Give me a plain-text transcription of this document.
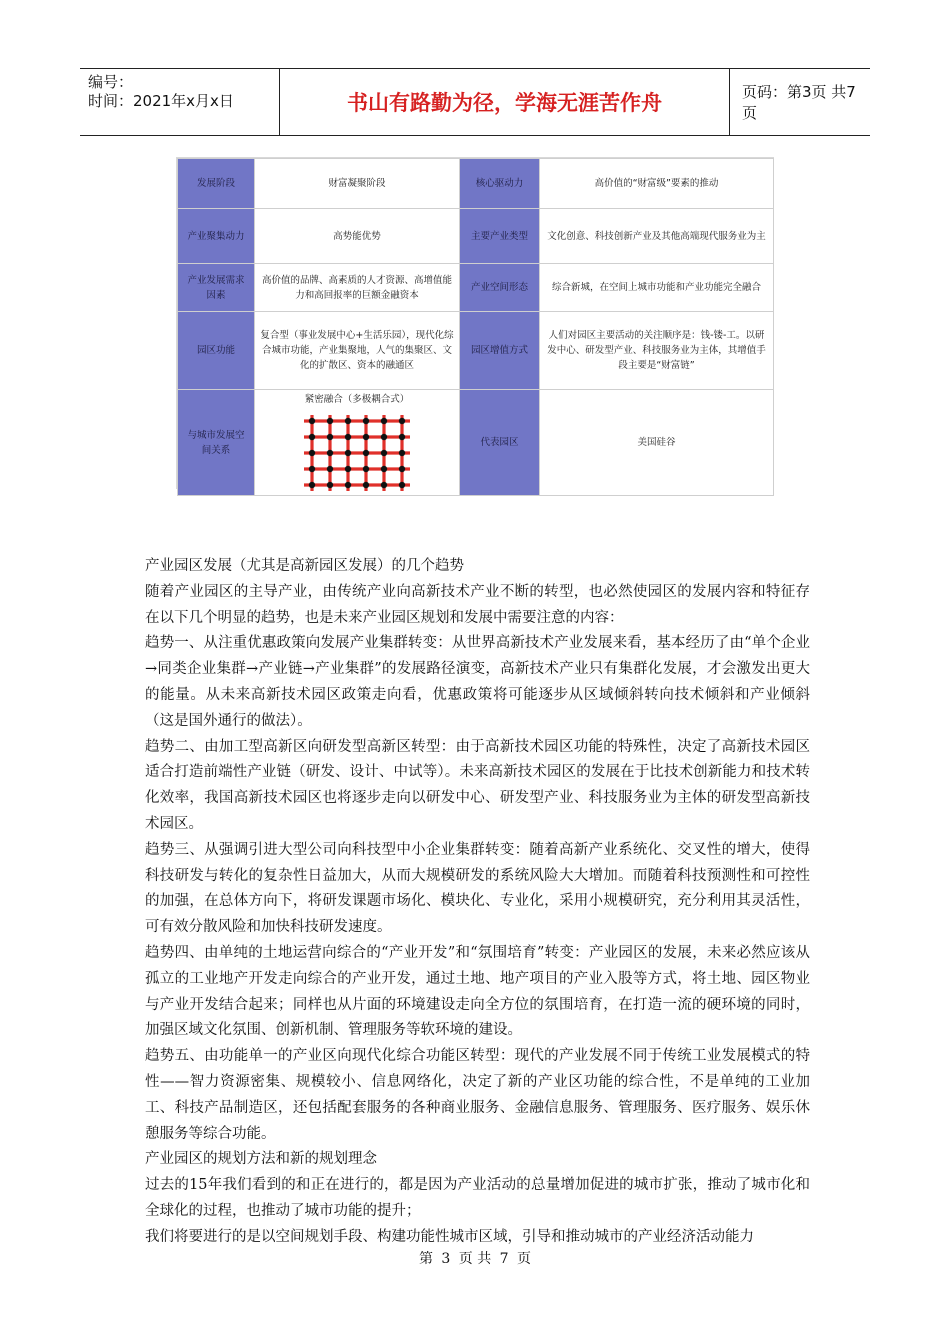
编号：
时间：2021年x月x日	书山有路勤为径，学海无涯苦作舟	页码：第3页 共7页
发展阶段	财富凝聚阶段	核心驱动力	高价值的“财富级”要素的推动
产业聚集动力	高势能优势	主要产业类型	文化创意、科技创新产业及其他高端现代服务业为主
产业发展需求因素	高价值的品牌、高素质的人才资源、高增值能力和高回报率的巨额金融资本	产业空间形态	综合新城，在空间上城市功能和产业功能完全融合
园区功能	复合型（事业发展中心+生活乐园），现代化综合城市功能，产业集聚地，人气的集聚区、文化的扩散区、资本的融通区	园区增值方式	人们对园区主要活动的关注顺序是：钱-镂-工。以研发中心、研发型产业、科技服务业为主体，其增值手段主要是“财富链”
与城市发展空间关系	紧密融合（多极耦合式）	代表园区	美国硅谷

产业园区发展（尤其是高新园区发展）的几个趋势

随着产业园区的主导产业，由传统产业向高新技术产业不断的转型，也必然使园区的发展内容和特征存在以下几个明显的趋势，也是未来产业园区规划和发展中需要注意的内容：

趋势一、从注重优惠政策向发展产业集群转变：从世界高新技术产业发展来看，基本经历了由“单个企业→同类企业集群→产业链→产业集群”的发展路径演变，高新技术产业只有集群化发展，才会激发出更大的能量。从未来高新技术园区政策走向看，优惠政策将可能逐步从区域倾斜转向技术倾斜和产业倾斜（这是国外通行的做法）。

趋势二、由加工型高新区向研发型高新区转型：由于高新技术园区功能的特殊性，决定了高新技术园区适合打造前端性产业链（研发、设计、中试等）。未来高新技术园区的发展在于比技术创新能力和技术转化效率，我国高新技术园区也将逐步走向以研发中心、研发型产业、科技服务业为主体的研发型高新技术园区。

趋势三、从强调引进大型公司向科技型中小企业集群转变：随着高新产业系统化、交叉性的增大，使得科技研发与转化的复杂性日益加大，从而大规模研发的系统风险大大增加。而随着科技预测性和可控性的加强，在总体方向下，将研发课题市场化、模块化、专业化，采用小规模研究，充分利用其灵活性，可有效分散风险和加快科技研发速度。

趋势四、由单纯的土地运营向综合的“产业开发”和“氛围培育”转变：产业园区的发展，未来必然应该从孤立的工业地产开发走向综合的产业开发，通过土地、地产项目的产业入股等方式，将土地、园区物业与产业开发结合起来；同样也从片面的环境建设走向全方位的氛围培育，在打造一流的硬环境的同时，加强区域文化氛围、创新机制、管理服务等软环境的建设。

趋势五、由功能单一的产业区向现代化综合功能区转型：现代的产业发展不同于传统工业发展模式的特性——智力资源密集、规模较小、信息网络化，决定了新的产业区功能的综合性，不是单纯的工业加工、科技产品制造区，还包括配套服务的各种商业服务、金融信息服务、管理服务、医疗服务、娱乐休憩服务等综合功能。

产业园区的规划方法和新的规划理念

过去的15年我们看到的和正在进行的，都是因为产业活动的总量增加促进的城市扩张，推动了城市化和全球化的过程，也推动了城市功能的提升；

我们将要进行的是以空间规划手段、构建功能性城市区域，引导和推动城市的产业经济活动能力

第 3 页 共 7 页
